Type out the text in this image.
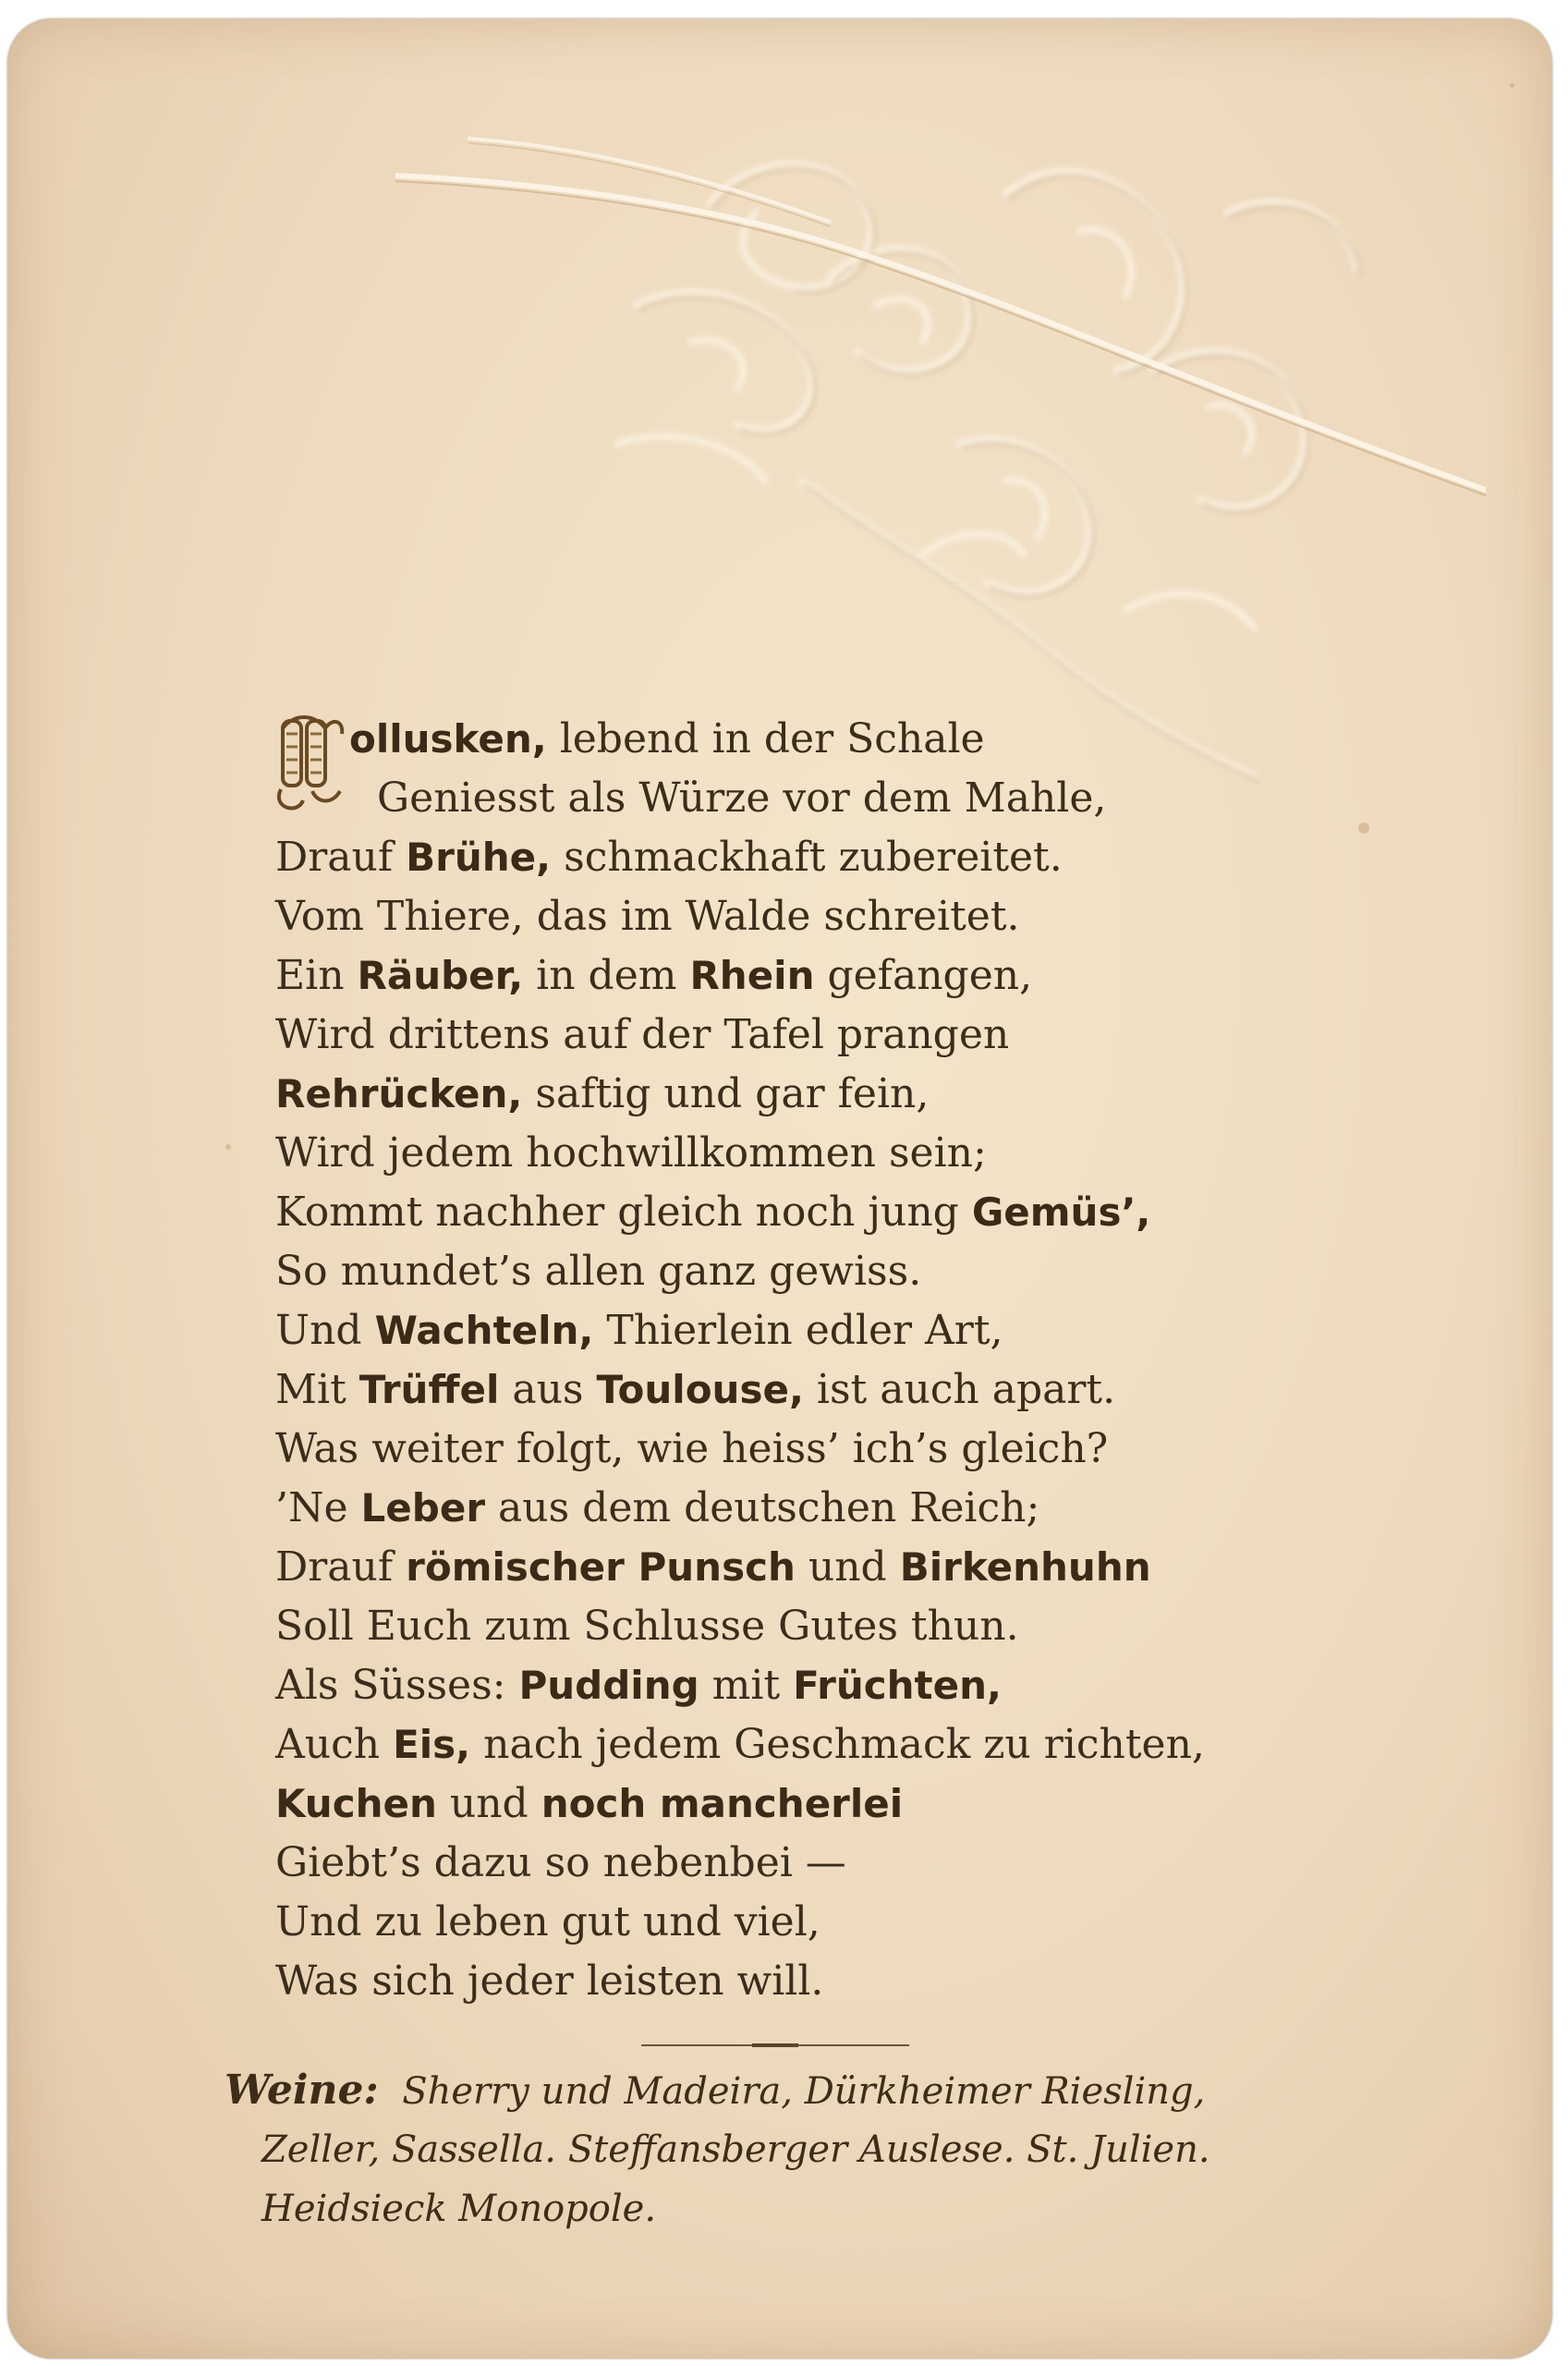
ollusken, lebend in der Schale
Geniesst als Würze vor dem Mahle,
Drauf Brühe, schmackhaft zubereitet.
Vom Thiere, das im Walde schreitet.
Ein Räuber, in dem Rhein gefangen,
Wird drittens auf der Tafel prangen
Rehrücken, saftig und gar fein,
Wird jedem hochwillkommen sein;
Kommt nachher gleich noch jung Gemüs’,
So mundet’s allen ganz gewiss.
Und Wachteln, Thierlein edler Art,
Mit Trüffel aus Toulouse, ist auch apart.
Was weiter folgt, wie heiss’ ich’s gleich?
’Ne Leber aus dem deutschen Reich;
Drauf römischer Punsch und Birkenhuhn
Soll Euch zum Schlusse Gutes thun.
Als Süsses: Pudding mit Früchten,
Auch Eis, nach jedem Geschmack zu richten,
Kuchen und noch mancherlei
Giebt’s dazu so nebenbei —
Und zu leben gut und viel,
Was sich jeder leisten will.
Weine: Sherry und Madeira, Dürkheimer Riesling,
Zeller, Sassella. Steffansberger Auslese. St. Julien.
Heidsieck Monopole.
